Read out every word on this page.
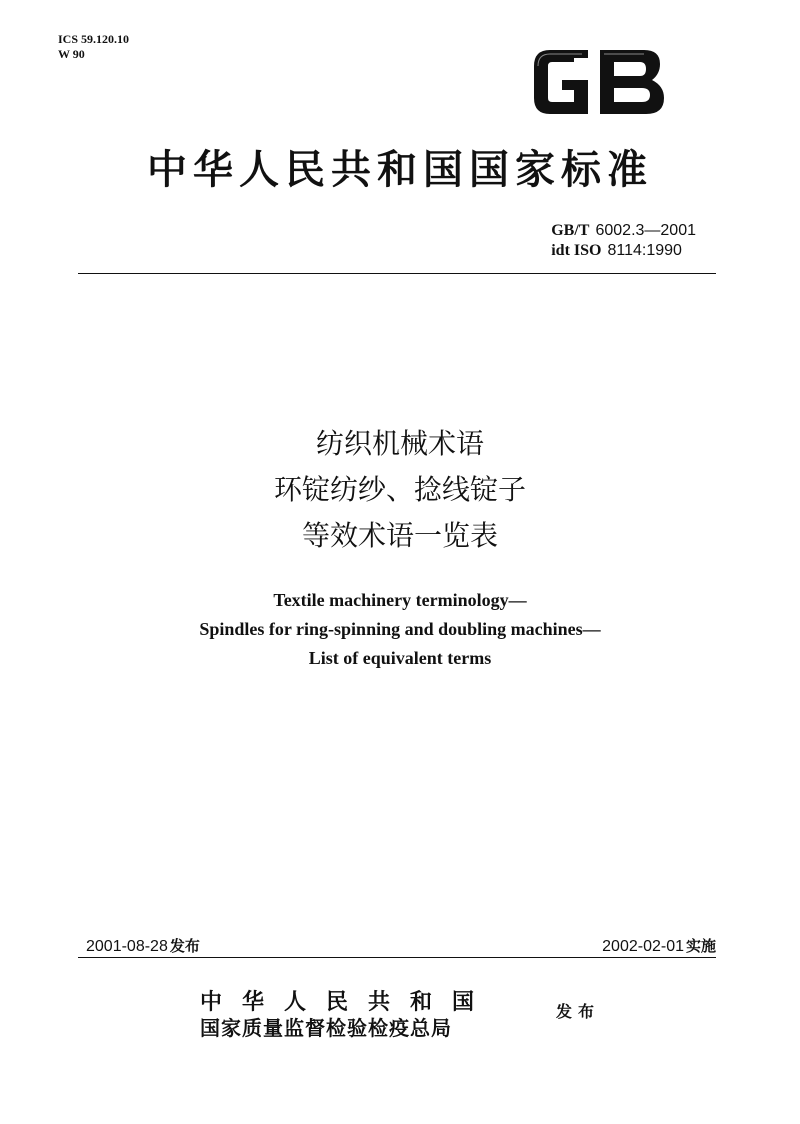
ICS 59.120.10
W 90
中华人民共和国国家标准
GB/T 6002.3—2001
idt ISO 8114:1990
纺织机械术语
环锭纺纱、捻线锭子
等效术语一览表
Textile machinery terminology—
Spindles for ring-spinning and doubling machines—
List of equivalent terms
2001-08-28 发布	2002-02-01 实施
中华人民共和国
国家质量监督检验检疫总局
发布
